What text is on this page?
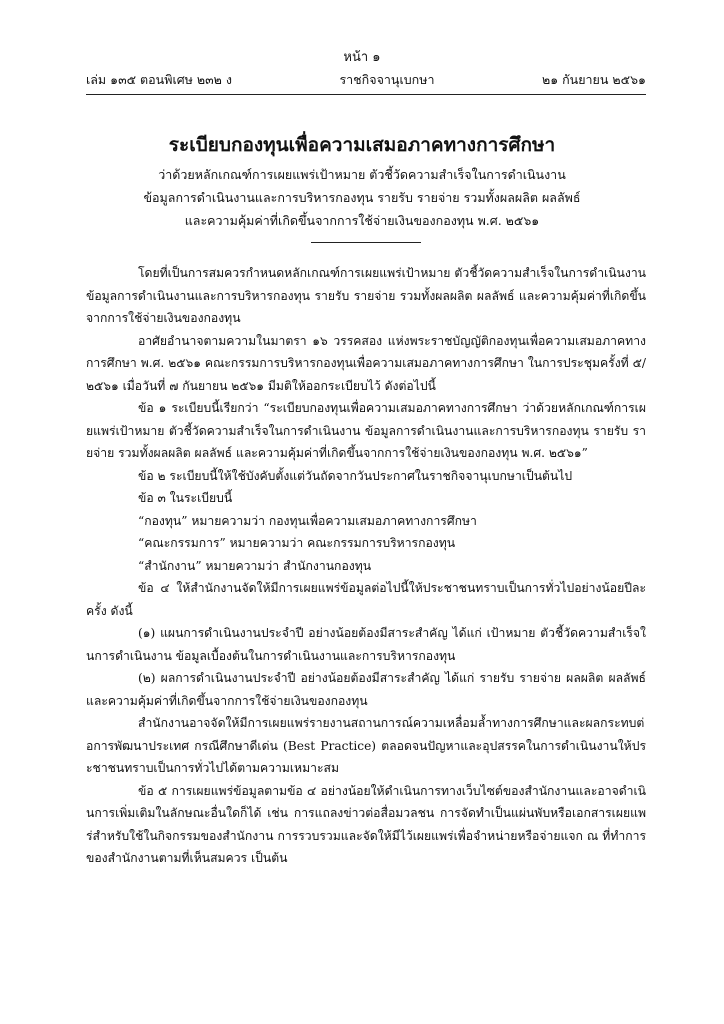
หน้า ๑
เล่ม ๑๓๕ ตอนพิเศษ ๒๓๒ ง	ราชกิจจานุเบกษา	๒๑ กันยายน ๒๕๖๑
ระเบียบกองทุนเพื่อความเสมอภาคทางการศึกษา
ว่าด้วยหลักเกณฑ์การเผยแพร่เป้าหมาย ตัวชี้วัดความสำเร็จในการดำเนินงาน
ข้อมูลการดำเนินงานและการบริหารกองทุน รายรับ รายจ่าย รวมทั้งผลผลิต ผลลัพธ์
และความคุ้มค่าที่เกิดขึ้นจากการใช้จ่ายเงินของกองทุน พ.ศ. ๒๕๖๑

โดยที่เป็นการสมควรกำหนดหลักเกณฑ์การเผยแพร่เป้าหมาย ตัวชี้วัดความสำเร็จในการดำเนินงาน ข้อมูลการดำเนินงานและการบริหารกองทุน รายรับ รายจ่าย รวมทั้งผลผลิต ผลลัพธ์ และความคุ้มค่าที่เกิดขึ้นจากการใช้จ่ายเงินของกองทุน

อาศัยอำนาจตามความในมาตรา ๑๖ วรรคสอง แห่งพระราชบัญญัติกองทุนเพื่อความเสมอภาคทางการศึกษา พ.ศ. ๒๕๖๑ คณะกรรมการบริหารกองทุนเพื่อความเสมอภาคทางการศึกษา ในการประชุมครั้งที่ ๕/๒๕๖๑ เมื่อวันที่ ๗ กันยายน ๒๕๖๑ มีมติให้ออกระเบียบไว้ ดังต่อไปนี้

ข้อ ๑ ระเบียบนี้เรียกว่า “ระเบียบกองทุนเพื่อความเสมอภาคทางการศึกษา ว่าด้วยหลักเกณฑ์การเผยแพร่เป้าหมาย ตัวชี้วัดความสำเร็จในการดำเนินงาน ข้อมูลการดำเนินงานและการบริหารกองทุน รายรับ รายจ่าย รวมทั้งผลผลิต ผลลัพธ์ และความคุ้มค่าที่เกิดขึ้นจากการใช้จ่ายเงินของกองทุน พ.ศ. ๒๕๖๑”

ข้อ ๒ ระเบียบนี้ให้ใช้บังคับตั้งแต่วันถัดจากวันประกาศในราชกิจจานุเบกษาเป็นต้นไป

ข้อ ๓ ในระเบียบนี้

“กองทุน” หมายความว่า กองทุนเพื่อความเสมอภาคทางการศึกษา

“คณะกรรมการ” หมายความว่า คณะกรรมการบริหารกองทุน

“สำนักงาน” หมายความว่า สำนักงานกองทุน

ข้อ ๔ ให้สำนักงานจัดให้มีการเผยแพร่ข้อมูลต่อไปนี้ให้ประชาชนทราบเป็นการทั่วไปอย่างน้อยปีละครั้ง ดังนี้

(๑) แผนการดำเนินงานประจำปี อย่างน้อยต้องมีสาระสำคัญ ได้แก่ เป้าหมาย ตัวชี้วัดความสำเร็จในการดำเนินงาน ข้อมูลเบื้องต้นในการดำเนินงานและการบริหารกองทุน

(๒) ผลการดำเนินงานประจำปี อย่างน้อยต้องมีสาระสำคัญ ได้แก่ รายรับ รายจ่าย ผลผลิต ผลลัพธ์ และความคุ้มค่าที่เกิดขึ้นจากการใช้จ่ายเงินของกองทุน

สำนักงานอาจจัดให้มีการเผยแพร่รายงานสถานการณ์ความเหลื่อมล้ำทางการศึกษาและผลกระทบต่อการพัฒนาประเทศ กรณีศึกษาดีเด่น (Best Practice) ตลอดจนปัญหาและอุปสรรคในการดำเนินงานให้ประชาชนทราบเป็นการทั่วไปได้ตามความเหมาะสม

ข้อ ๕ การเผยแพร่ข้อมูลตามข้อ ๔ อย่างน้อยให้ดำเนินการทางเว็บไซต์ของสำนักงานและอาจดำเนินการเพิ่มเติมในลักษณะอื่นใดก็ได้ เช่น การแถลงข่าวต่อสื่อมวลชน การจัดทำเป็นแผ่นพับหรือเอกสารเผยแพร่สำหรับใช้ในกิจกรรมของสำนักงาน การรวบรวมและจัดให้มีไว้เผยแพร่เพื่อจำหน่ายหรือจ่ายแจก ณ ที่ทำการของสำนักงานตามที่เห็นสมควร เป็นต้น
